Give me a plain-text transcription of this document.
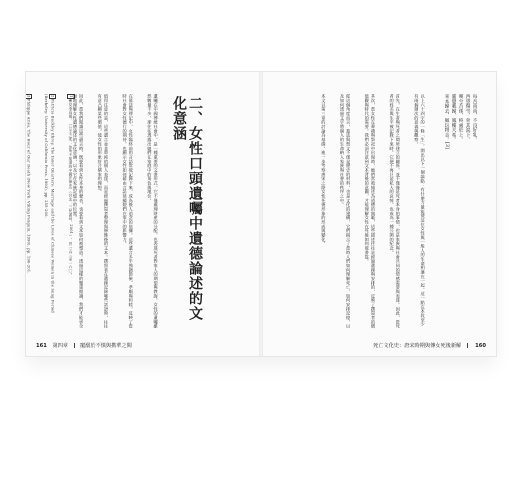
1參見李貞德，《公主之死：你所不知道的中國法律史》（台北：三民書局，2001），頁一五三至一六〇。

2Patricia Buckley Ebrey, The Inner Quarters: Marriage and the Lives of Chinese Women in the Sung Period (Berkeley: University of California Press, 1993), pp. 255-260.

3Philippe Ariès, The Hour of Our Death (New York: Viking Penguin, 1990), pp. 196-201.

	遺囑在中國傳統社會中，是一種重要的文書形式，它不僅處理財產的分配，也表達死者對家人的期望與教誨。女性的遺囑雖然數量不多，卻往往透露出她們在家庭中的角色與地位。

在墓誌與傳記中，女性臨終前的言語常被記錄下來，成為後人追念的依據。這些遺言多半強調節儉、孝順與和睦，反映了當時社會對女性德行的期待，也顯示女性如何藉由言語延續她們在家中的影響力。

值得注意的是，這些遺言並非單純的個人表達，而是經過撰寫者整理與修飾後的文本。撰寫者在選擇記錄哪些話語時，往往有意凸顯某些價值，使女性的形象符合儒家的理想。

因此，當我們閱讀這些遺言時，既要看到女性本身的聲音，也要看到文本如何被塑造。透過這樣的雙重閱讀，我們才能更全面地理解女性遺德論述的文化意涵，以及它在家族記憶中的位置。

	二、女性口頭遺囑中遺德論述的文化意涵
161 第四章 寵溺於不慎與携華之間
每吾雨雨，不良好乳。
西望傷弔，骨其淚下。
嘆兮吾孫，終處於上。
靈覺載歸，鳳樓夫希。
來本歸去，佩玩物志。[3]

以上六十四字的一條「生」，開出以下一個論點：有什麼力量能使這位女性與一般人的生命相連在一起，這一點在本段至少有兩個層次的意義與觀察。

首先，在生者與死者之間所建立的關係，並不僅僅是死者本身的事情，也是家族與社會共同的情感需要與表達。因此，當死者的姓名與生平被記錄下來時，它便不再只是私人的哀悼，也成為一種公開的紀念。

其次，當女性在葬禮與祭祀中出現時，她們常被描述為道德的典範，這些描述往往是經過選擇與安排的，反映了撰寫者的價值觀與時代的需要。我們必須注意到文本背後的意圖，才能理解女性在死後如何被書寫。

從這個角度而言，墓誌與祭文不僅是歷史的材料，也是文化的建構，它們揭示了當時人們如何理解死亡、如何安排記憶，以及如何透過文字將個人的生命納入家族與社會的秩序之中。

本文以第三章的討論為基礎，進一步考察唐宋之際女性死後形象的形成與變化。

死亡文化史：唐宋時期與傳女死後新解	160
